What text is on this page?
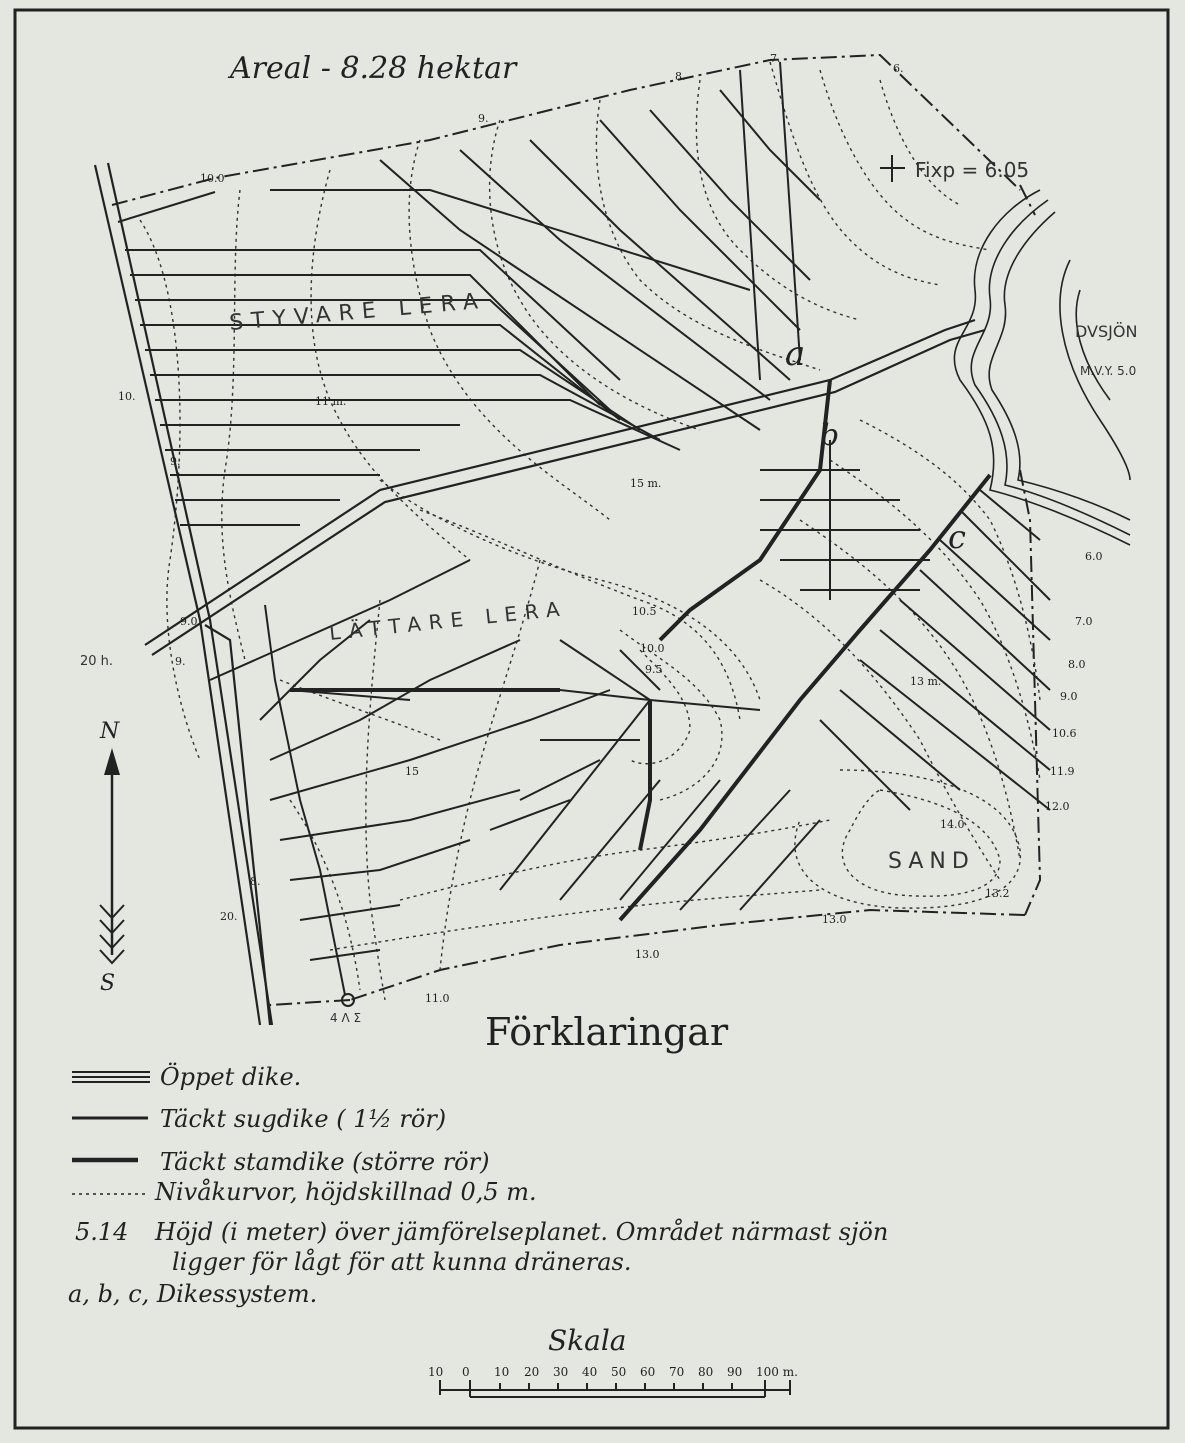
Areal - 8.28 hektar
Fixp = 6.05
DVSJÖN
M.V.Y. 5.0
STYVARE LERA
LÄTTARE LERA
SAND
a
b
c
N
S
20 h.
4 Λ Σ
10.0
9.
8.
7.
6.
6.0
7.0
8.0
9.0
10.6
11.9
12.0
13.2
13.0
13.0
11.0
14.0
10.5
10.0
9.5
10.
9.
9.
20.
8.
11 m.
15 m.
15
13 m.
9.0
Förklaringar
Öppet dike.
Täckt sugdike ( 1½ rör)
Täckt stamdike (större rör)
Nivåkurvor, höjdskillnad 0,5 m.
5.14 Höjd (i meter) över jämförelseplanet. Området närmast sjön
ligger för lågt för att kunna dräneras.
a, b, c, Dikessystem.
Skala
10 0 10 20 30 40 50 60 70 80 90 100 m.
